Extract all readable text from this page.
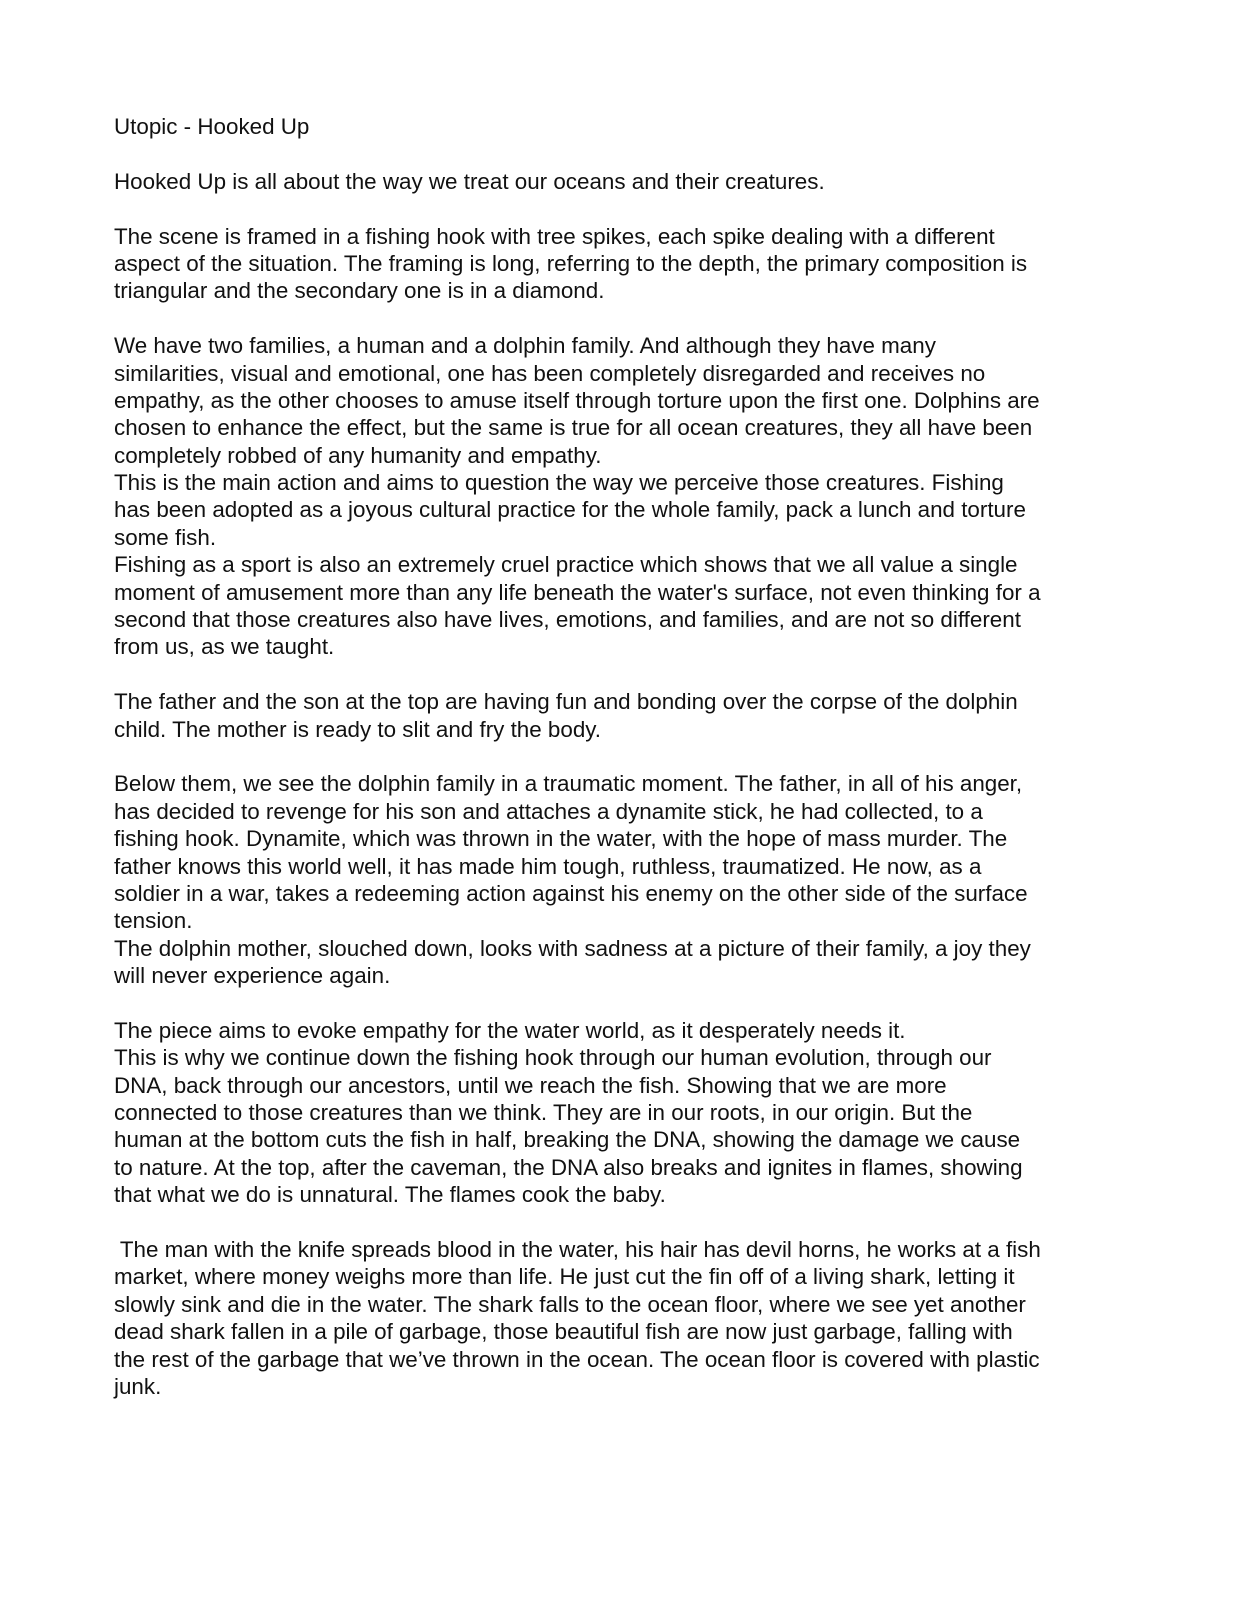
Utopic - Hooked Up
Hooked Up is all about the way we treat our oceans and their creatures.
The scene is framed in a fishing hook with tree spikes, each spike dealing with a different
aspect of the situation. The framing is long, referring to the depth, the primary composition is
triangular and the secondary one is in a diamond.
We have two families, a human and a dolphin family. And although they have many
similarities, visual and emotional, one has been completely disregarded and receives no
empathy, as the other chooses to amuse itself through torture upon the first one. Dolphins are
chosen to enhance the effect, but the same is true for all ocean creatures, they all have been
completely robbed of any humanity and empathy.
This is the main action and aims to question the way we perceive those creatures. Fishing
has been adopted as a joyous cultural practice for the whole family, pack a lunch and torture
some fish.
Fishing as a sport is also an extremely cruel practice which shows that we all value a single
moment of amusement more than any life beneath the water's surface, not even thinking for a
second that those creatures also have lives, emotions, and families, and are not so different
from us, as we taught.
The father and the son at the top are having fun and bonding over the corpse of the dolphin
child. The mother is ready to slit and fry the body.
Below them, we see the dolphin family in a traumatic moment. The father, in all of his anger,
has decided to revenge for his son and attaches a dynamite stick, he had collected, to a
fishing hook. Dynamite, which was thrown in the water, with the hope of mass murder. The
father knows this world well, it has made him tough, ruthless, traumatized. He now, as a
soldier in a war, takes a redeeming action against his enemy on the other side of the surface
tension.
The dolphin mother, slouched down, looks with sadness at a picture of their family, a joy they
will never experience again.
The piece aims to evoke empathy for the water world, as it desperately needs it.
This is why we continue down the fishing hook through our human evolution, through our
DNA, back through our ancestors, until we reach the fish. Showing that we are more
connected to those creatures than we think. They are in our roots, in our origin. But the
human at the bottom cuts the fish in half, breaking the DNA, showing the damage we cause
to nature. At the top, after the caveman, the DNA also breaks and ignites in flames, showing
that what we do is unnatural. The flames cook the baby.
The man with the knife spreads blood in the water, his hair has devil horns, he works at a fish
market, where money weighs more than life. He just cut the fin off of a living shark, letting it
slowly sink and die in the water. The shark falls to the ocean floor, where we see yet another
dead shark fallen in a pile of garbage, those beautiful fish are now just garbage, falling with
the rest of the garbage that we’ve thrown in the ocean. The ocean floor is covered with plastic
junk.
